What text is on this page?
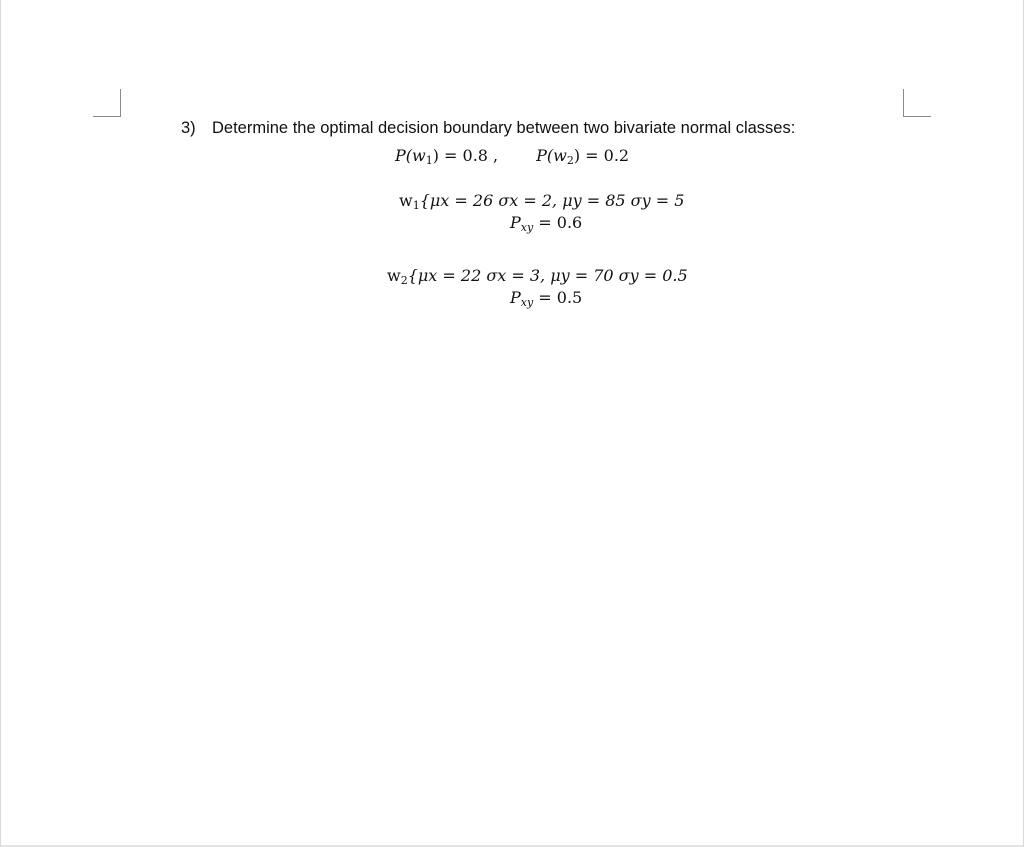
3) Determine the optimal decision boundary between two bivariate normal classes:
$P(w_1) = 0.8$ , $P(w_2) = 0.2$
$w_1\{\mu x = 26$ σx = 2, μy = 85 σy = 5
$P_{xy} = 0.6$
$w_2\{\mu x = 22$ σx = 3, μy = 70 σy = 0.5
$P_{xy} = 0.5$
